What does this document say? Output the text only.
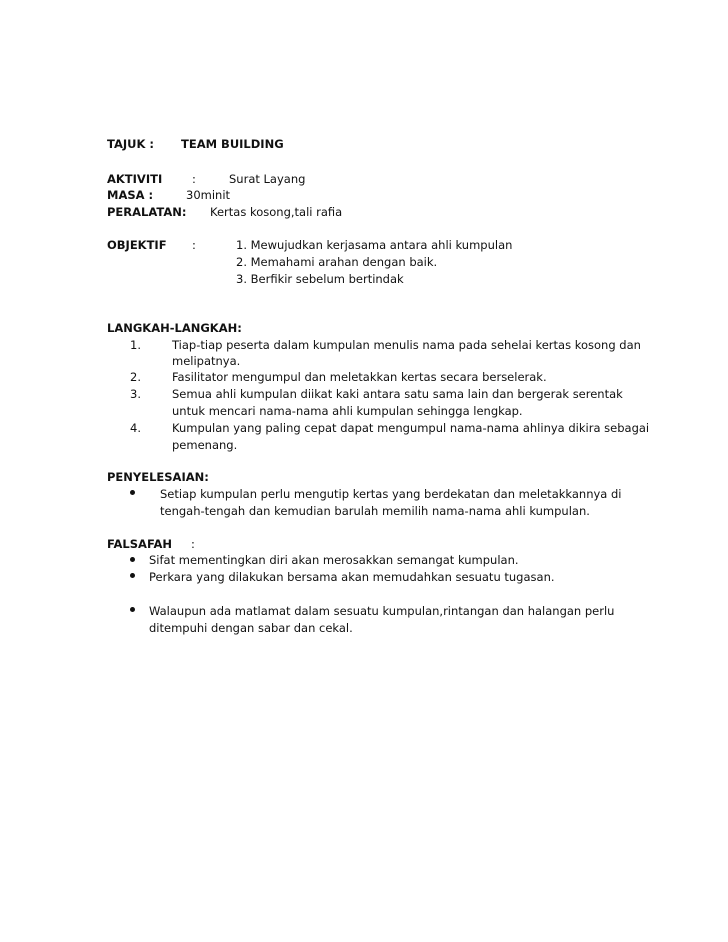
TAJUK : TEAM BUILDING
AKTIVITI	:	Surat Layang
MASA :	30minit
PERALATAN: Kertas kosong,tali rafia
OBJEKTIF :	1. Mewujudkan kerjasama antara ahli kumpulan
2. Memahami arahan dengan baik.
3. Berfikir sebelum bertindak
LANGKAH-LANGKAH:
1.	Tiap-tiap peserta dalam kumpulan menulis nama pada sehelai kertas kosong dan
melipatnya.
2.	Fasilitator mengumpul dan meletakkan kertas secara berselerak.
3.	Semua ahli kumpulan diikat kaki antara satu sama lain dan bergerak serentak
untuk mencari nama-nama ahli kumpulan sehingga lengkap.
4.	Kumpulan yang paling cepat dapat mengumpul nama-nama ahlinya dikira sebagai
pemenang.
PENYELESAIAN:
Setiap kumpulan perlu mengutip kertas yang berdekatan dan meletakkannya di
tengah-tengah dan kemudian barulah memilih nama-nama ahli kumpulan.
FALSAFAH :
Sifat mementingkan diri akan merosakkan semangat kumpulan.
Perkara yang dilakukan bersama akan memudahkan sesuatu tugasan.
Walaupun ada matlamat dalam sesuatu kumpulan,rintangan dan halangan perlu
ditempuhi dengan sabar dan cekal.
